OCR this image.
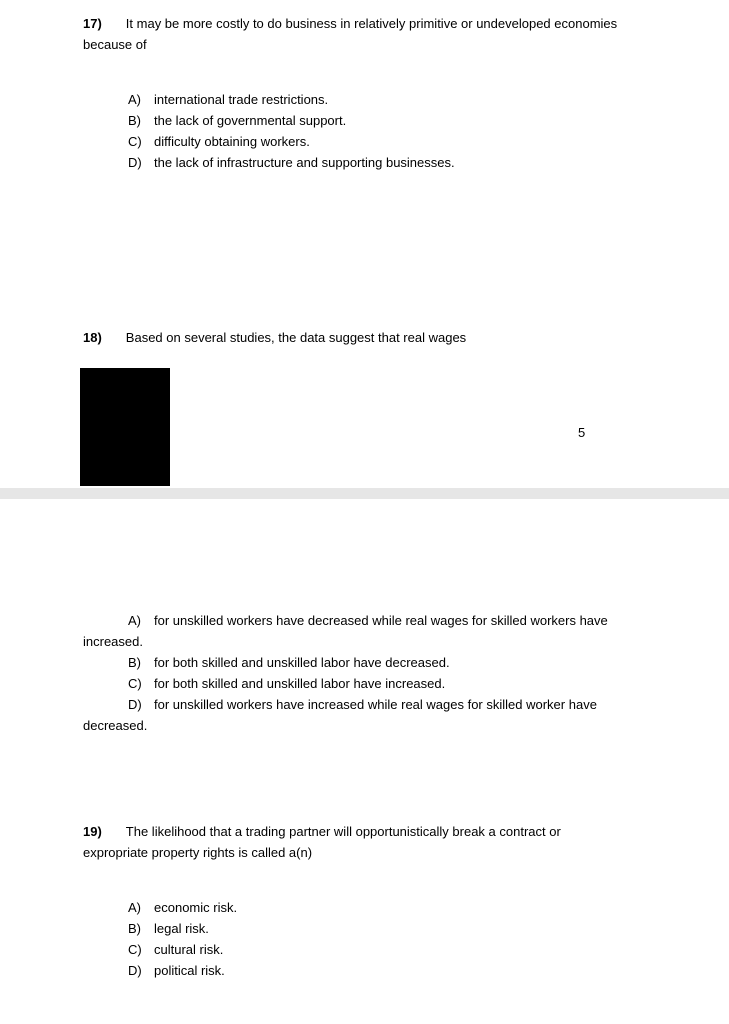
17) It may be more costly to do business in relatively primitive or undeveloped economies
because of
A) international trade restrictions.
B) the lack of governmental support.
C) difficulty obtaining workers.
D) the lack of infrastructure and supporting businesses.
18) Based on several studies, the data suggest that real wages
5
A) for unskilled workers have decreased while real wages for skilled workers have
increased.
B) for both skilled and unskilled labor have decreased.
C) for both skilled and unskilled labor have increased.
D) for unskilled workers have increased while real wages for skilled worker have
decreased.
19) The likelihood that a trading partner will opportunistically break a contract or
expropriate property rights is called a(n)
A) economic risk.
B) legal risk.
C) cultural risk.
D) political risk.
